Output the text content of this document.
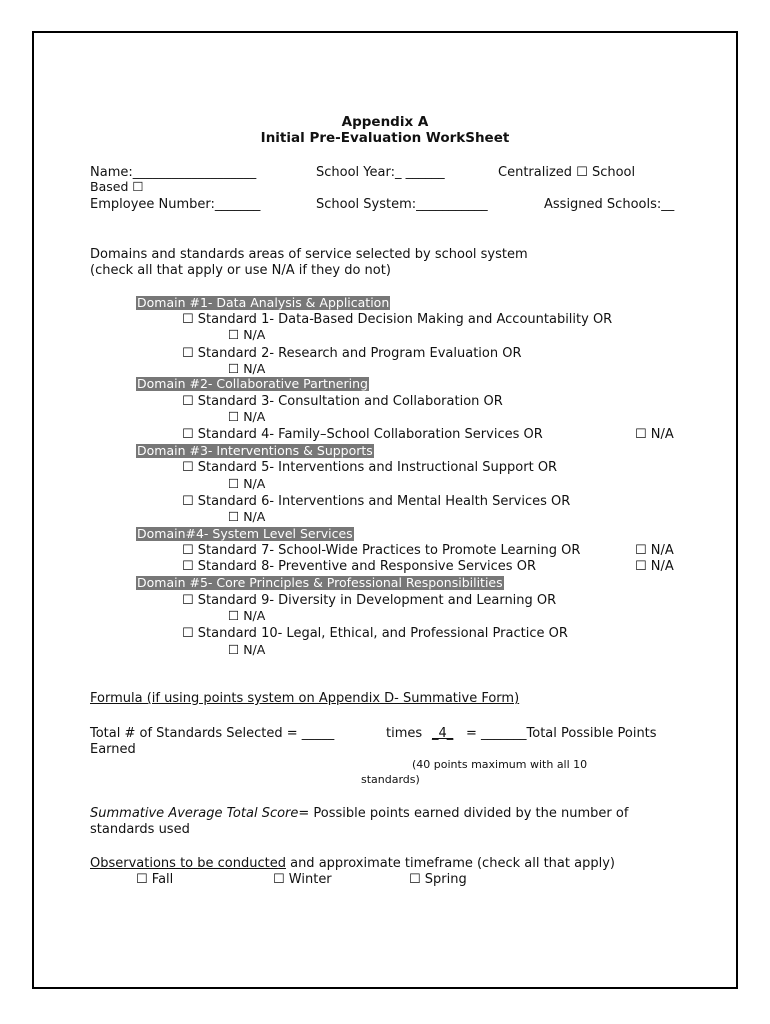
Appendix A
Initial Pre-Evaluation WorkSheet
Name:___________________	School Year:_ ______	Centralized ☐ School
Based ☐
Employee Number:_______	School System:___________	Assigned Schools:__
Domains and standards areas of service selected by school system
(check all that apply or use N/A if they do not)
Domain #1- Data Analysis & Application
☐ Standard 1- Data-Based Decision Making and Accountability OR
☐ N/A
☐ Standard 2- Research and Program Evaluation OR
☐ N/A
Domain #2- Collaborative Partnering
☐ Standard 3- Consultation and Collaboration OR
☐ N/A
☐ Standard 4- Family–School Collaboration Services OR	☐ N/A
Domain #3- Interventions & Supports
☐ Standard 5- Interventions and Instructional Support OR
☐ N/A
☐ Standard 6- Interventions and Mental Health Services OR
☐ N/A
Domain#4- System Level Services
☐ Standard 7- School-Wide Practices to Promote Learning OR	☐ N/A
☐ Standard 8- Preventive and Responsive Services OR	☐ N/A
Domain #5- Core Principles & Professional Responsibilities
☐ Standard 9- Diversity in Development and Learning OR
☐ N/A
☐ Standard 10- Legal, Ethical, and Professional Practice OR
☐ N/A
Formula (if using points system on Appendix D- Summative Form)
Total # of Standards Selected = _____	times _4_ = _______Total Possible Points
Earned
(40 points maximum with all 10
standards)
Summative Average Total Score= Possible points earned divided by the number of
standards used
Observations to be conducted and approximate timeframe (check all that apply)
☐ Fall	☐ Winter	☐ Spring
